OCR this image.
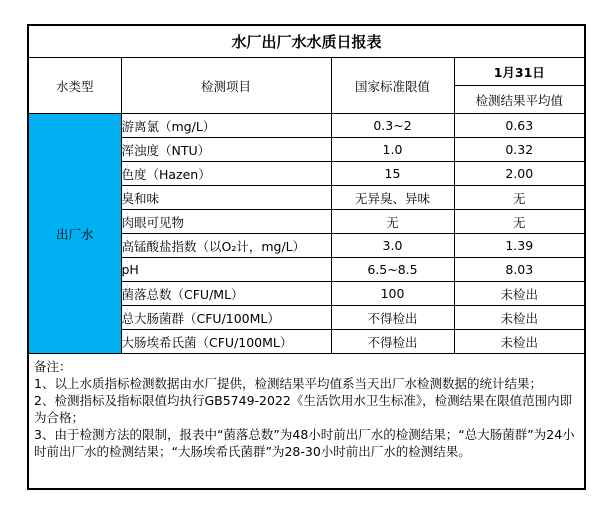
水厂出厂水水质日报表			
水类型	检测项目	国家标准限值	1月31日
			检测结果平均值
出厂水	游离氯（mg/L）	0.3~2	0.63
	浑浊度（NTU）	1.0	0.32
	色度（Hazen）	15	2.00
	臭和味	无异臭、异味	无
	肉眼可见物	无	无
	高锰酸盐指数（以O₂计，mg/L）	3.0	1.39
	pH	6.5~8.5	8.03
	菌落总数（CFU/ML）	100	未检出
	总大肠菌群（CFU/100ML）	不得检出	未检出
	大肠埃希氏菌（CFU/100ML）	不得检出	未检出

备注：
1、以上水质指标检测数据由水厂提供，检测结果平均值系当天出厂水检测数据的统计结果；
2、检测指标及指标限值均执行GB5749-2022《生活饮用水卫生标准》，检测结果在限值范围内即为合格；
3、由于检测方法的限制，报表中“菌落总数”为48小时前出厂水的检测结果；“总大肠菌群”为24小时前出厂水的检测结果；“大肠埃希氏菌群”为28-30小时前出厂水的检测结果。			
